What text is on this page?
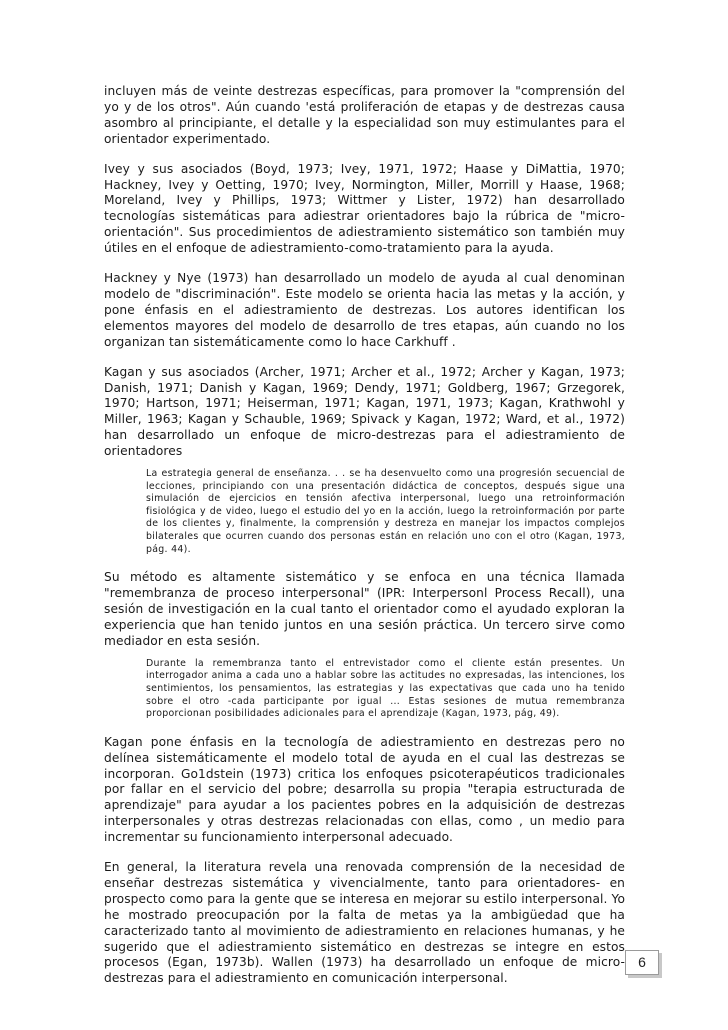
incluyen más de veinte destrezas específicas, para promover la "comprensión del yo y de los otros". Aún cuando 'está proliferación de etapas y de destrezas causa asombro al principiante, el detalle y la especialidad son muy estimulantes para el orientador experimentado.

Ivey y sus asociados (Boyd, 1973; Ivey, 1971, 1972; Haase y DiMattia, 1970; Hackney, Ivey y Oetting, 1970; Ivey, Normington, Miller, Morrill y Haase, 1968; Moreland, Ivey y Phillips, 1973; Wittmer y Lister, 1972) han desarrollado tecnologías sistemáticas para adiestrar orientadores bajo la rúbrica de "micro-orientación". Sus procedimientos de adiestramiento sistemático son también muy útiles en el enfoque de adiestramiento-como-tratamiento para la ayuda.

Hackney y Nye (1973) han desarrollado un modelo de ayuda al cual denominan modelo de "discriminación". Este modelo se orienta hacia las metas y la acción, y pone énfasis en el adiestramiento de destrezas. Los autores identifican los elementos mayores del modelo de desarrollo de tres etapas, aún cuando no los organizan tan sistemáticamente como lo hace Carkhuff .

Kagan y sus asociados (Archer, 1971; Archer et al., 1972; Archer y Kagan, 1973; Danish, 1971; Danish y Kagan, 1969; Dendy, 1971; Goldberg, 1967; Grzegorek, 1970; Hartson, 1971; Heiserman, 1971; Kagan, 1971, 1973; Kagan, Krathwohl y Miller, 1963; Kagan y Schauble, 1969; Spivack y Kagan, 1972; Ward, et al., 1972) han desarrollado un enfoque de micro-destrezas para el adiestramiento de orientadores

La estrategia general de enseñanza. . . se ha desenvuelto como una progresión secuencial de lecciones, principiando con una presentación didáctica de conceptos, después sigue una simulación de ejercicios en tensión afectiva interpersonal, luego una retroinformación fisiológica y de video, luego el estudio del yo en la acción, luego la retroinformación por parte de los clientes y, finalmente, la comprensión y destreza en manejar los impactos complejos bilaterales que ocurren cuando dos personas están en relación uno con el otro (Kagan, 1973, pág. 44).

Su método es altamente sistemático y se enfoca en una técnica llamada "remembranza de proceso interpersonal" (IPR: Interpersonl Process Recall), una sesión de investigación en la cual tanto el orientador como el ayudado exploran la experiencia que han tenido juntos en una sesión práctica. Un tercero sirve como mediador en esta sesión.

Durante la remembranza tanto el entrevistador como el cliente están presentes. Un interrogador anima a cada uno a hablar sobre las actitudes no expresadas, las intenciones, los sentimientos, los pensamientos, las estrategias y las expectativas que cada uno ha tenido sobre el otro -cada participante por igual ... Estas sesiones de mutua remembranza proporcionan posibilidades adicionales para el aprendizaje (Kagan, 1973, pág, 49).

Kagan pone énfasis en la tecnología de adiestramiento en destrezas pero no delínea sistemáticamente el modelo total de ayuda en el cual las destrezas se incorporan. Go1dstein (1973) critica los enfoques psicoterapéuticos tradicionales por fallar en el servicio del pobre; desarrolla su propia "terapia estructurada de aprendizaje" para ayudar a los pacientes pobres en la adquisición de destrezas interpersonales y otras destrezas relacionadas con ellas, como , un medio para incrementar su funcionamiento interpersonal adecuado.

En general, la literatura revela una renovada comprensión de la necesidad de enseñar destrezas sistemática y vivencialmente, tanto para orientadores- en prospecto como para la gente que se interesa en mejorar su estilo interpersonal. Yo he mostrado preocupación por la falta de metas ya la ambigüedad que ha caracterizado tanto al movimiento de adiestramiento en relaciones humanas, y he sugerido que el adiestramiento sistemático en destrezas se integre en estos procesos (Egan, 1973b). Wallen (1973) ha desarrollado un enfoque de micro-destrezas para el adiestramiento en comunicación interpersonal.

6
